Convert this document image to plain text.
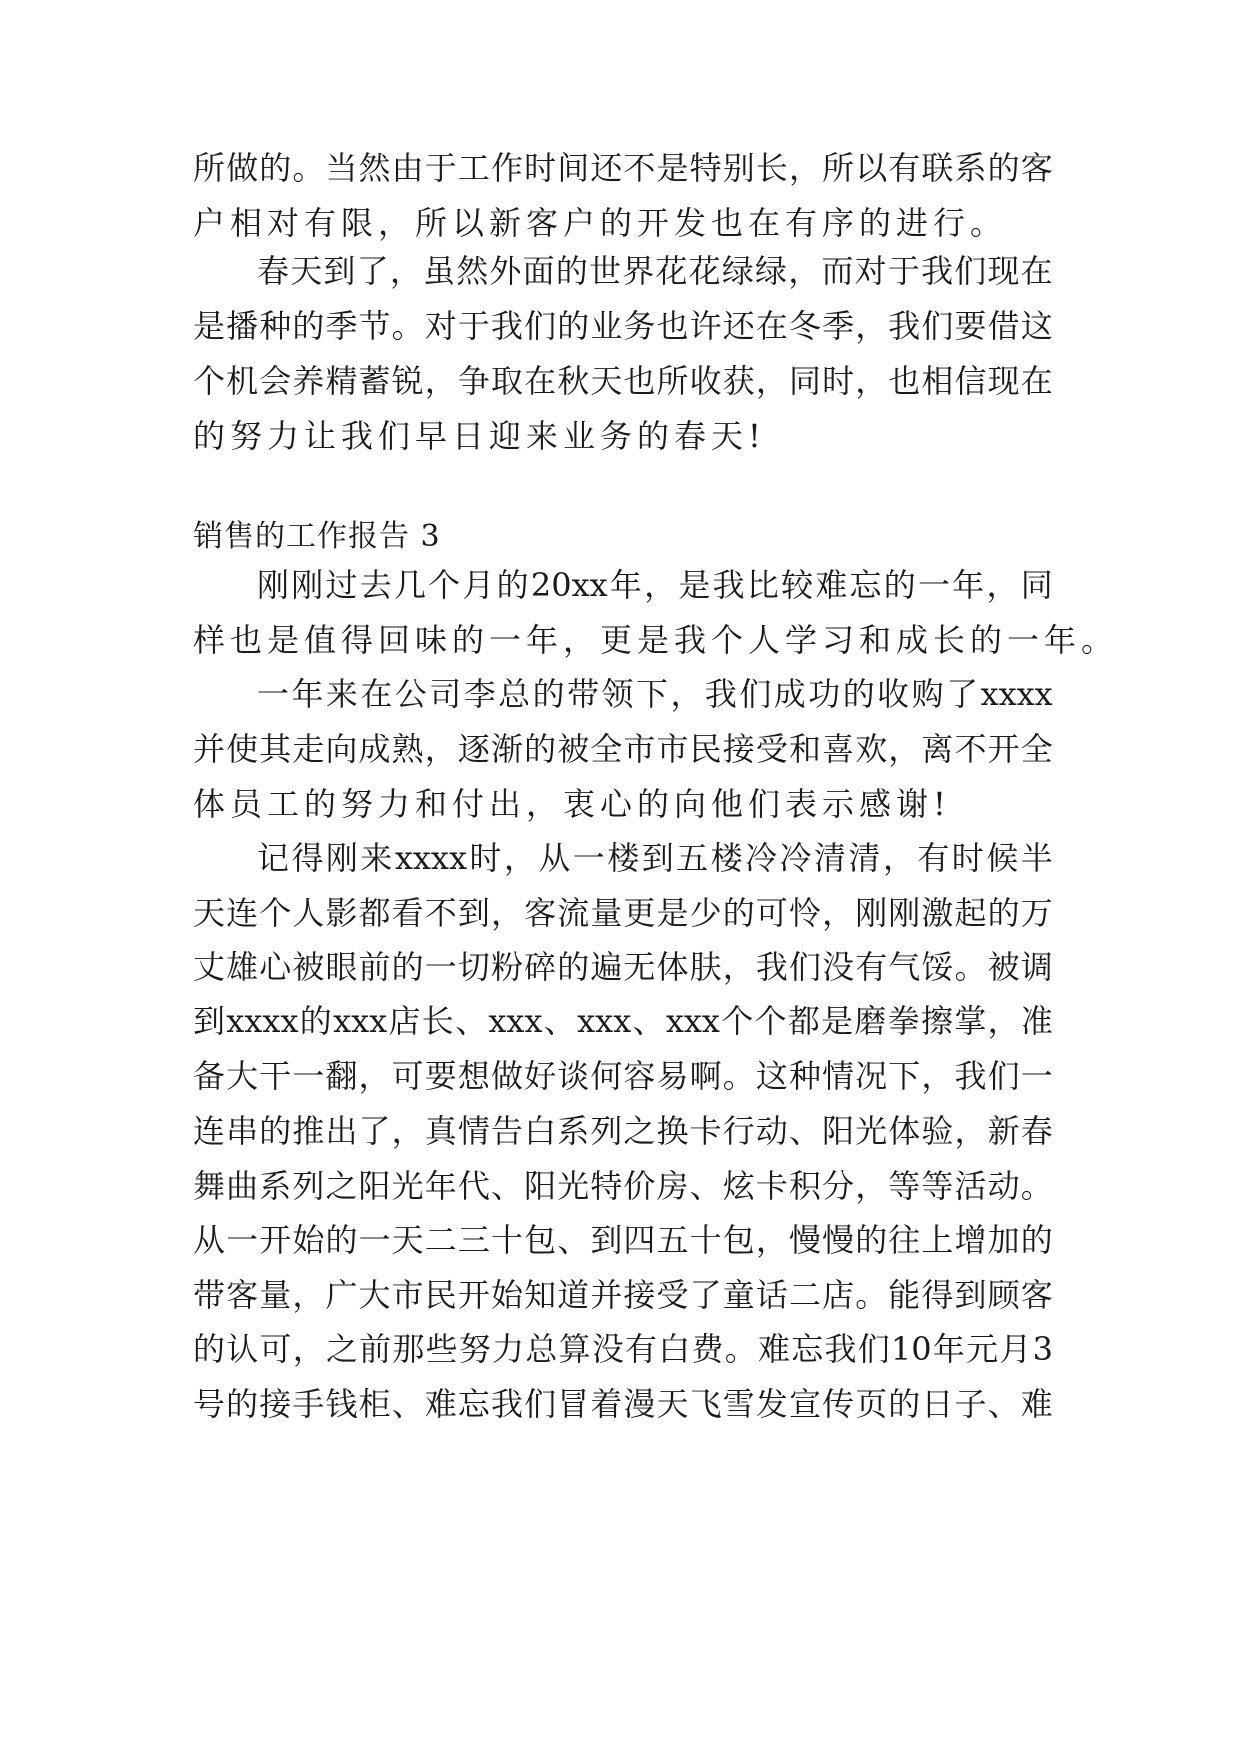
所 做 的 。 当 然 由 于 工 作 时 间 还 不 是 特 别 长 ， 所 以 有 联 系 的 客
户相对有限，所以新客户的开发也在有序的进行。
春 天 到 了 ， 虽 然 外 面 的 世 界 花 花 绿 绿 ， 而 对 于 我 们 现 在
是 播 种 的 季 节 。 对 于 我 们 的 业 务 也 许 还 在 冬 季 ， 我 们 要 借 这
个 机 会 养 精 蓄 锐 ， 争 取 在 秋 天 也 所 收 获 ， 同 时 ， 也 相 信 现 在
的努力让我们早日迎来业务的春天!
销售的工作报告 3
刚 刚 过 去 几 个 月 的 20xx 年 ， 是 我 比 较 难 忘 的 一 年 ， 同
样也是值得回味的一年，更是我个人学习和成长的一年。
一 年 来 在 公 司 李 总 的 带 领 下 ， 我 们 成 功 的 收 购 了 xxxx
并 使 其 走 向 成 熟 ， 逐 渐 的 被 全 市 市 民 接 受 和 喜 欢 ， 离 不 开 全
体员工的努力和付出，衷心的向他们表示感谢!
记 得 刚 来 xxxx 时 ， 从 一 楼 到 五 楼 冷 冷 清 清 ， 有 时 候 半
天 连 个 人 影 都 看 不 到 ， 客 流 量 更 是 少 的 可 怜 ， 刚 刚 激 起 的 万
丈 雄 心 被 眼 前 的 一 切 粉 碎 的 遍 无 体 肤 ， 我 们 没 有 气 馁 。 被 调
到 xxxx 的 xxx 店 长 、 xxx 、 xxx 、 xxx 个 个 都 是 磨 拳 擦 掌 ， 准
备 大 干 一 翻 ， 可 要 想 做 好 谈 何 容 易 啊 。 这 种 情 况 下 ， 我 们 一
连 串 的 推 出 了 ， 真 情 告 白 系 列 之 换 卡 行 动 、 阳 光 体 验 ， 新 春
舞 曲 系 列 之 阳 光 年 代 、 阳 光 特 价 房 、 炫 卡 积 分 ， 等 等 活 动 。
从 一 开 始 的 一 天 二 三 十 包 、 到 四 五 十 包 ， 慢 慢 的 往 上 增 加 的
带 客 量 ， 广 大 市 民 开 始 知 道 并 接 受 了 童 话 二 店 。 能 得 到 顾 客
的 认 可 ， 之 前 那 些 努 力 总 算 没 有 白 费 。 难 忘 我 们 10 年 元 月 3
号 的 接 手 钱 柜 、 难 忘 我 们 冒 着 漫 天 飞 雪 发 宣 传 页 的 日 子 、 难
